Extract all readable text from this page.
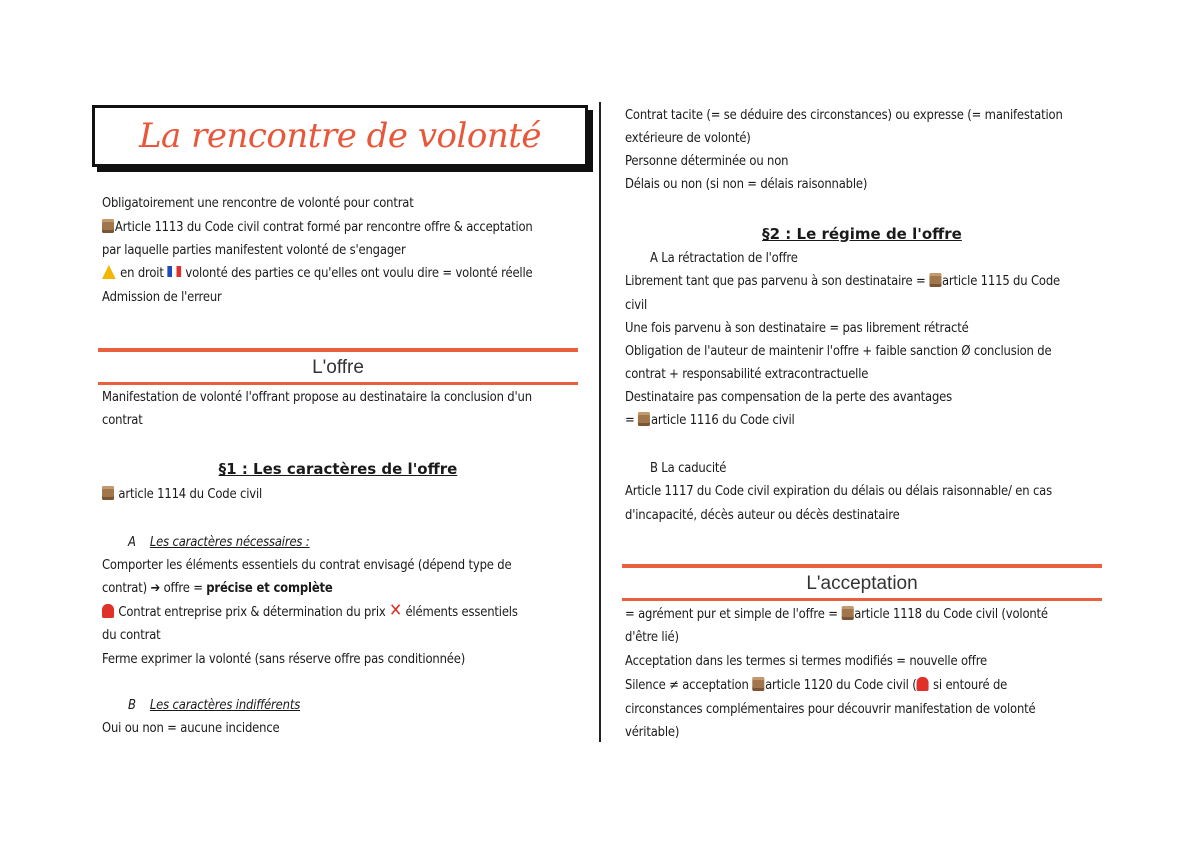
La rencontre de volonté
Obligatoirement une rencontre de volonté pour contrat
Article 1113 du Code civil contrat formé par rencontre offre & acceptation
par laquelle parties manifestent volonté de s'engager
en droit volonté des parties ce qu'elles ont voulu dire = volonté réelle
Admission de l'erreur
L'offre
Manifestation de volonté l'offrant propose au destinataire la conclusion d'un
contrat
§1 : Les caractères de l'offre
article 1114 du Code civil
A Les caractères nécessaires :
Comporter les éléments essentiels du contrat envisagé (dépend type de
contrat) ➔ offre = précise et complète
Contrat entreprise prix & détermination du prix ✕ éléments essentiels
du contrat
Ferme exprimer la volonté (sans réserve offre pas conditionnée)
B Les caractères indifférents
Oui ou non = aucune incidence
Contrat tacite (= se déduire des circonstances) ou expresse (= manifestation
extérieure de volonté)
Personne déterminée ou non
Délais ou non (si non = délais raisonnable)
§2 : Le régime de l'offre
A La rétractation de l'offre
Librement tant que pas parvenu à son destinataire = article 1115 du Code
civil
Une fois parvenu à son destinataire = pas librement rétracté
Obligation de l'auteur de maintenir l'offre + faible sanction Ø conclusion de
contrat + responsabilité extracontractuelle
Destinataire pas compensation de la perte des avantages
= article 1116 du Code civil
B La caducité
Article 1117 du Code civil expiration du délais ou délais raisonnable/ en cas
d'incapacité, décès auteur ou décès destinataire
L'acceptation
= agrément pur et simple de l'offre = article 1118 du Code civil (volonté
d'être lié)
Acceptation dans les termes si termes modifiés = nouvelle offre
Silence ≠ acceptation article 1120 du Code civil ( si entouré de
circonstances complémentaires pour découvrir manifestation de volonté
véritable)
